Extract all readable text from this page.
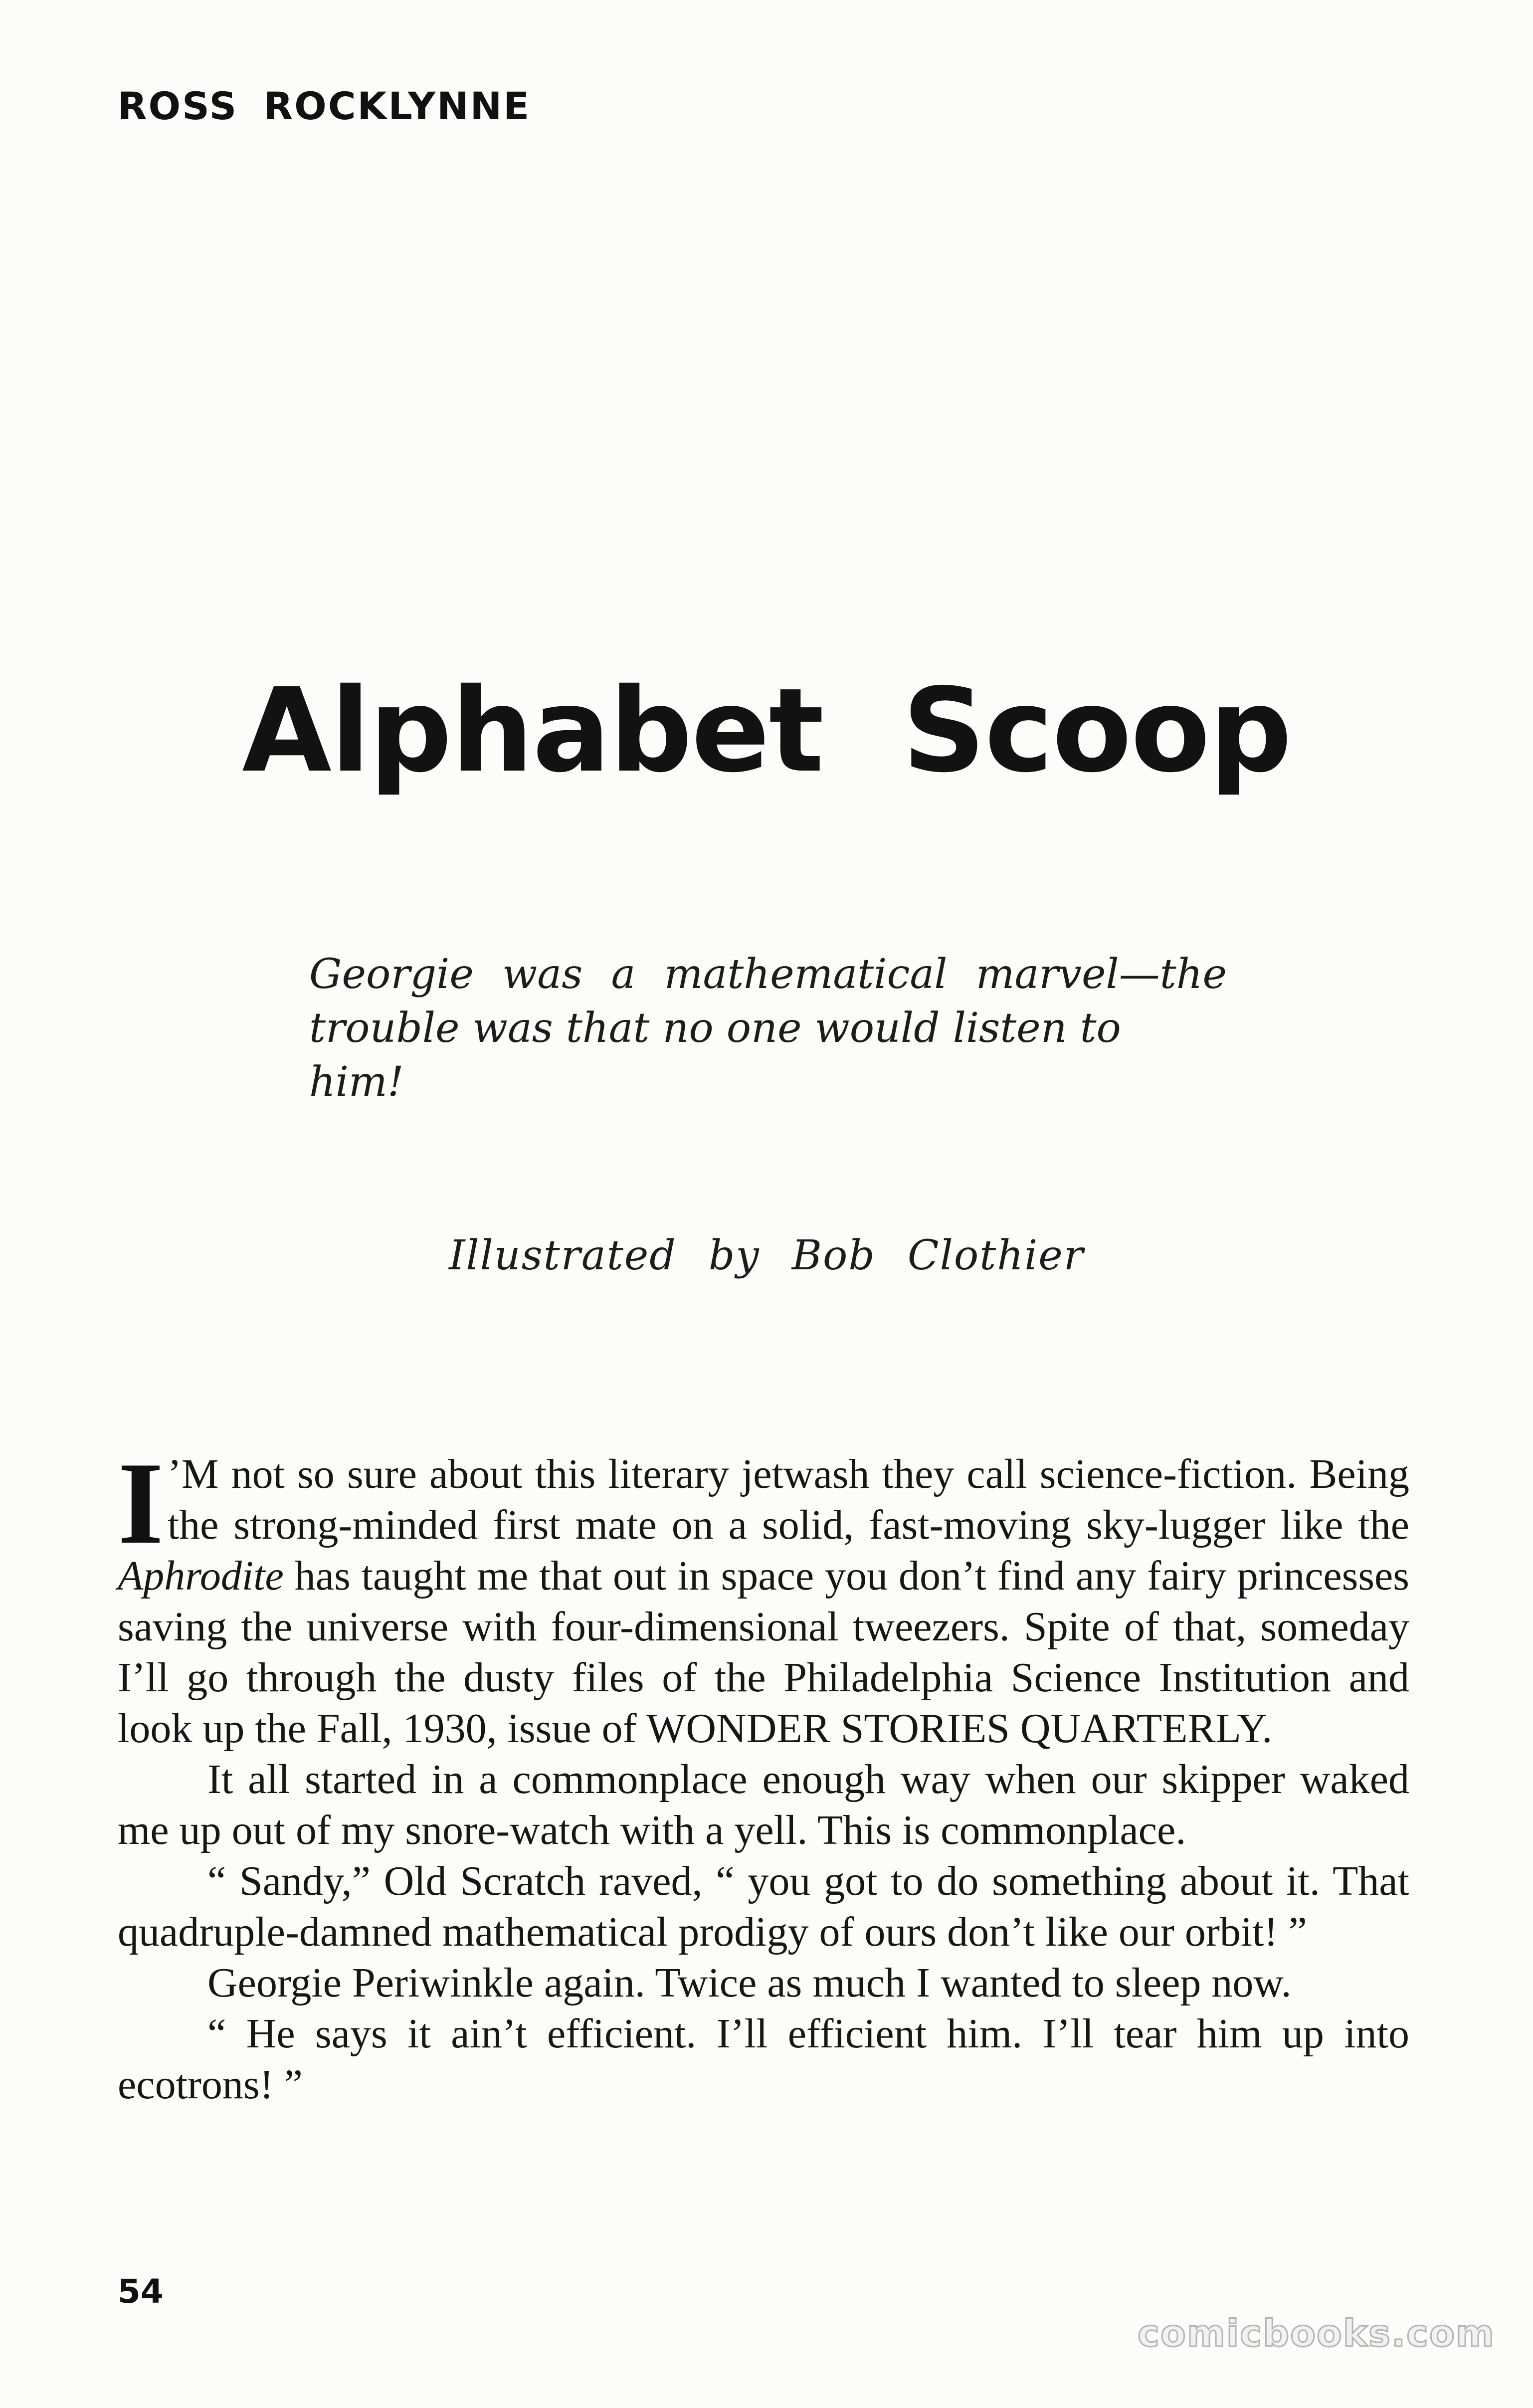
ROSS ROCKLYNNE
Alphabet Scoop
Georgie was a mathematical marvel—the
trouble was that no one would listen to him!
Illustrated by Bob Clothier

I ’M not so sure about this literary jetwash they call science-fiction. Being the strong-minded first mate on a solid, fast-moving sky-lugger like the Aphrodite has taught me that out in space you don’t find any fairy princesses saving the universe with four-dimensional tweezers. Spite of that, someday I’ll go through the dusty files of the Philadelphia Science Institution and look up the Fall, 1930, issue of WONDER STORIES QUARTERLY.

It all started in a commonplace enough way when our skipper waked me up out of my snore-watch with a yell. This is commonplace.

“ Sandy,” Old Scratch raved, “ you got to do something about it. That quadruple-damned mathematical prodigy of ours don’t like our orbit! ”

Georgie Periwinkle again. Twice as much I wanted to sleep now.

“ He says it ain’t efficient. I’ll efficient him. I’ll tear him up into ecotrons! ”

54
comicbooks.com
